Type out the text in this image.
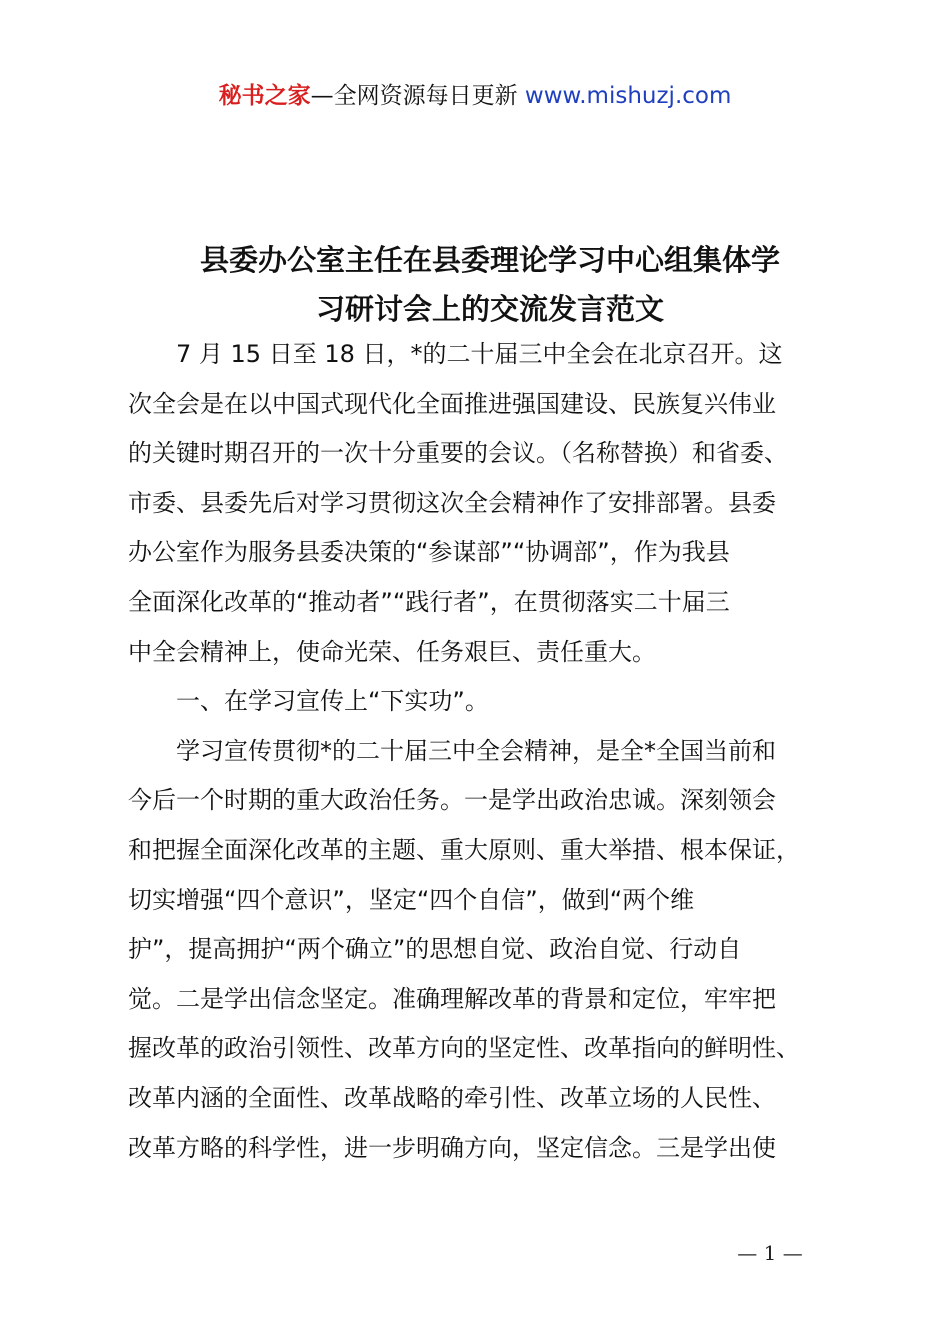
秘书之家—全网资源每日更新 www.mishuzj.com
县委办公室主任在县委理论学习中心组集体学
习研讨会上的交流发言范文
7 月 15 日至 18 日，*的二十届三中全会在北京召开。这
次全会是在以中国式现代化全面推进强国建设、民族复兴伟业
的关键时期召开的一次十分重要的会议。（名称替换）和省委、
市委、县委先后对学习贯彻这次全会精神作了安排部署。县委
办公室作为服务县委决策的“参谋部”“协调部”，作为我县
全面深化改革的“推动者”“践行者”，在贯彻落实二十届三
中全会精神上，使命光荣、任务艰巨、责任重大。
一、在学习宣传上“下实功”。
学习宣传贯彻*的二十届三中全会精神，是全*全国当前和
今后一个时期的重大政治任务。一是学出政治忠诚。深刻领会
和把握全面深化改革的主题、重大原则、重大举措、根本保证，
切实增强“四个意识”，坚定“四个自信”，做到“两个维
护”，提高拥护“两个确立”的思想自觉、政治自觉、行动自
觉。二是学出信念坚定。准确理解改革的背景和定位，牢牢把
握改革的政治引领性、改革方向的坚定性、改革指向的鲜明性、
改革内涵的全面性、改革战略的牵引性、改革立场的人民性、
改革方略的科学性，进一步明确方向，坚定信念。三是学出使
— 1 —
